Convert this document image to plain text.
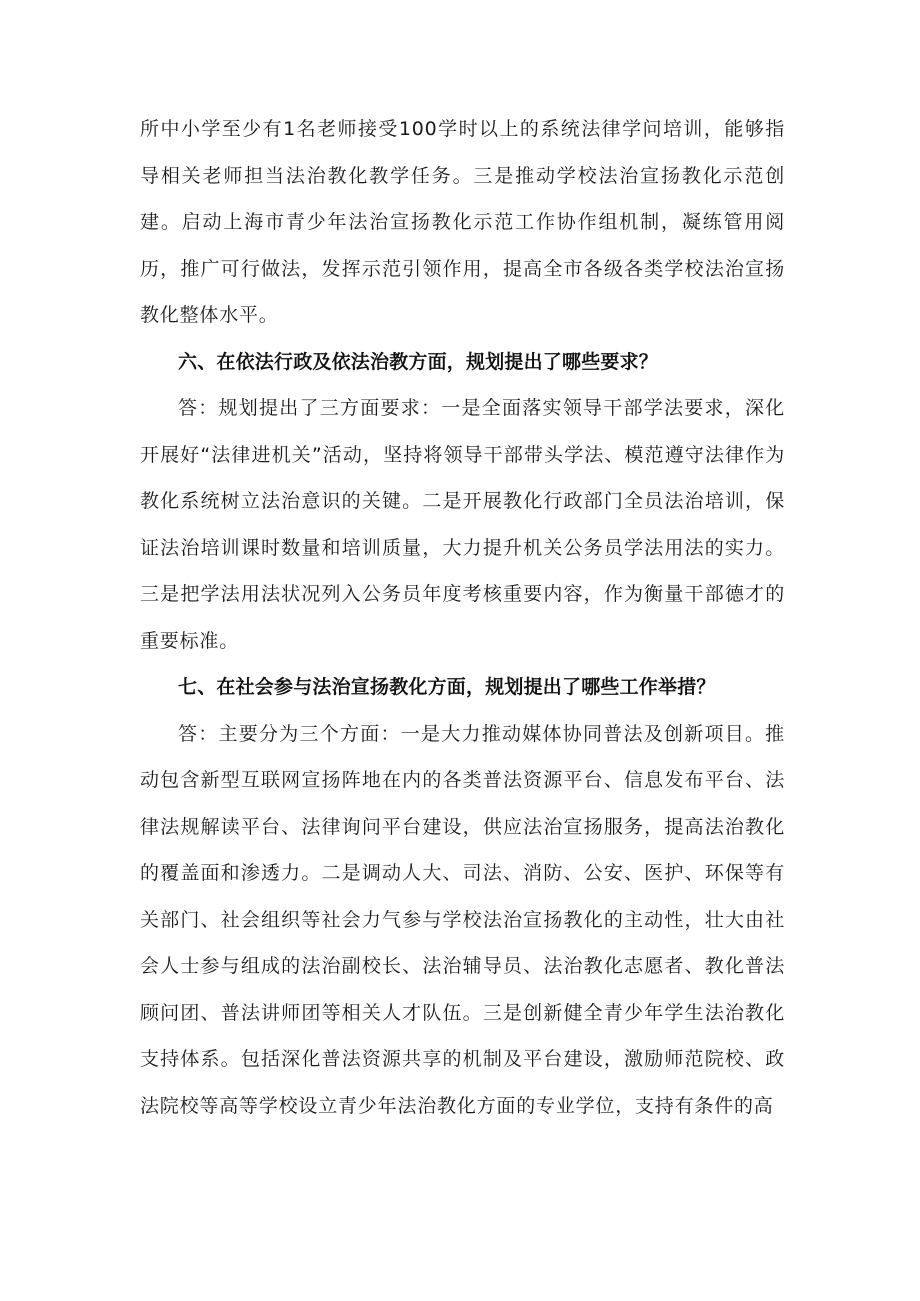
所中小学至少有1名老师接受100学时以上的系统法律学问培训，能够指导相关老师担当法治教化教学任务。三是推动学校法治宣扬教化示范创建。启动上海市青少年法治宣扬教化示范工作协作组机制，凝练管用阅历，推广可行做法，发挥示范引领作用，提高全市各级各类学校法治宣扬教化整体水平。

六、在依法行政及依法治教方面，规划提出了哪些要求？

答：规划提出了三方面要求：一是全面落实领导干部学法要求，深化开展好“法律进机关”活动，坚持将领导干部带头学法、模范遵守法律作为教化系统树立法治意识的关键。二是开展教化行政部门全员法治培训，保证法治培训课时数量和培训质量，大力提升机关公务员学法用法的实力。三是把学法用法状况列入公务员年度考核重要内容，作为衡量干部德才的重要标准。

七、在社会参与法治宣扬教化方面，规划提出了哪些工作举措？

答：主要分为三个方面：一是大力推动媒体协同普法及创新项目。推动包含新型互联网宣扬阵地在内的各类普法资源平台、信息发布平台、法律法规解读平台、法律询问平台建设，供应法治宣扬服务，提高法治教化的覆盖面和渗透力。二是调动人大、司法、消防、公安、医护、环保等有关部门、社会组织等社会力气参与学校法治宣扬教化的主动性，壮大由社会人士参与组成的法治副校长、法治辅导员、法治教化志愿者、教化普法顾问团、普法讲师团等相关人才队伍。三是创新健全青少年学生法治教化支持体系。包括深化普法资源共享的机制及平台建设，激励师范院校、政法院校等高等学校设立青少年法治教化方面的专业学位，支持有条件的高
